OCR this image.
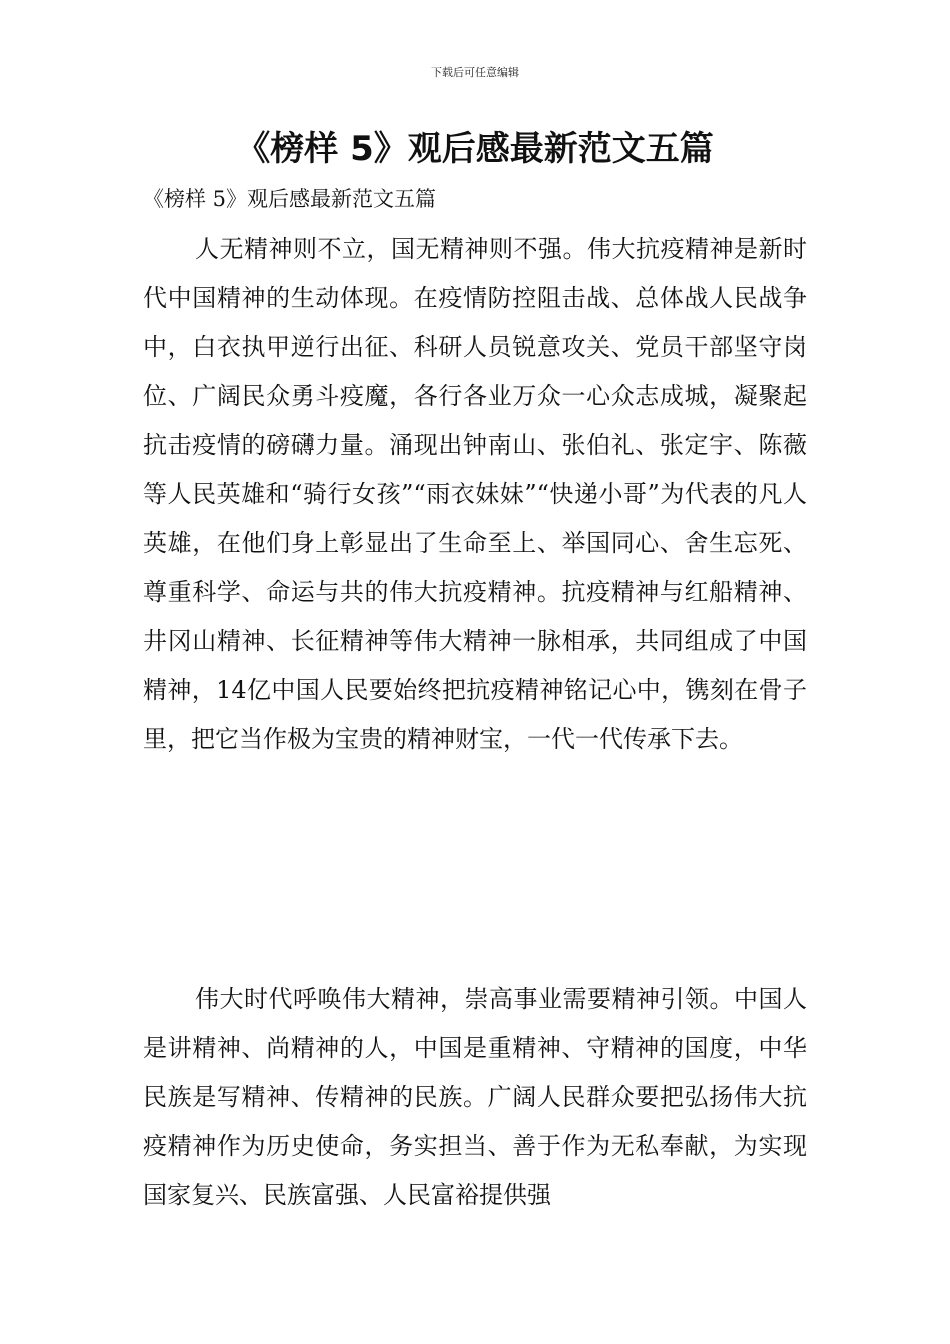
下载后可任意编辑
《榜样 5》观后感最新范文五篇

《榜样 5》观后感最新范文五篇

人无精神则不立，国无精神则不强。伟大抗疫精神是新时代中国精神的生动体现。在疫情防控阻击战、总体战人民战争中，白衣执甲逆行出征、科研人员锐意攻关、党员干部坚守岗位、广阔民众勇斗疫魔，各行各业万众一心众志成城，凝聚起抗击疫情的磅礴力量。涌现出钟南山、张伯礼、张定宇、陈薇等人民英雄和“骑行女孩”“雨衣妹妹”“快递小哥”为代表的凡人英雄，在他们身上彰显出了生命至上、举国同心、舍生忘死、尊重科学、命运与共的伟大抗疫精神。抗疫精神与红船精神、井冈山精神、长征精神等伟大精神一脉相承，共同组成了中国精神，14亿中国人民要始终把抗疫精神铭记心中，镌刻在骨子里，把它当作极为宝贵的精神财宝，一代一代传承下去。

伟大时代呼唤伟大精神，崇高事业需要精神引领。中国人是讲精神、尚精神的人，中国是重精神、守精神的国度，中华民族是写精神、传精神的民族。广阔人民群众要把弘扬伟大抗疫精神作为历史使命，务实担当、善于作为无私奉献，为实现国家复兴、民族富强、人民富裕提供强
